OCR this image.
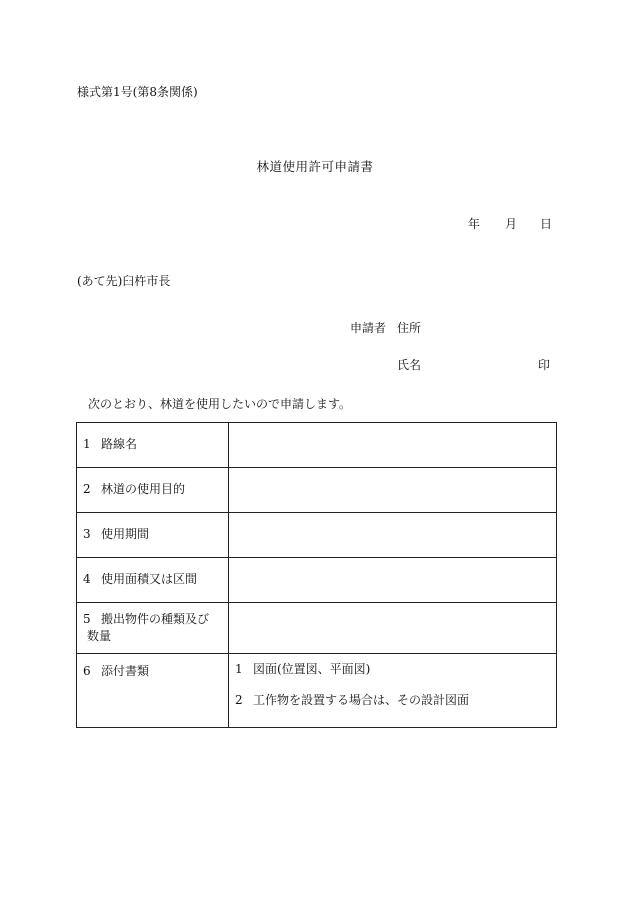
様式第1号(第8条関係)
林道使用許可申請書
年 月 日
(あて先)臼杵市長
申請者 住所
氏名	印
次のとおり、林道を使用したいので申請します。
1 路線名	
2 林道の使用目的	
3 使用期間	
4 使用面積又は区間	
5 搬出物件の種類及び
数量	
6 添付書類	1 図面(位置図、平面図)
2 工作物を設置する場合は、その設計図面
